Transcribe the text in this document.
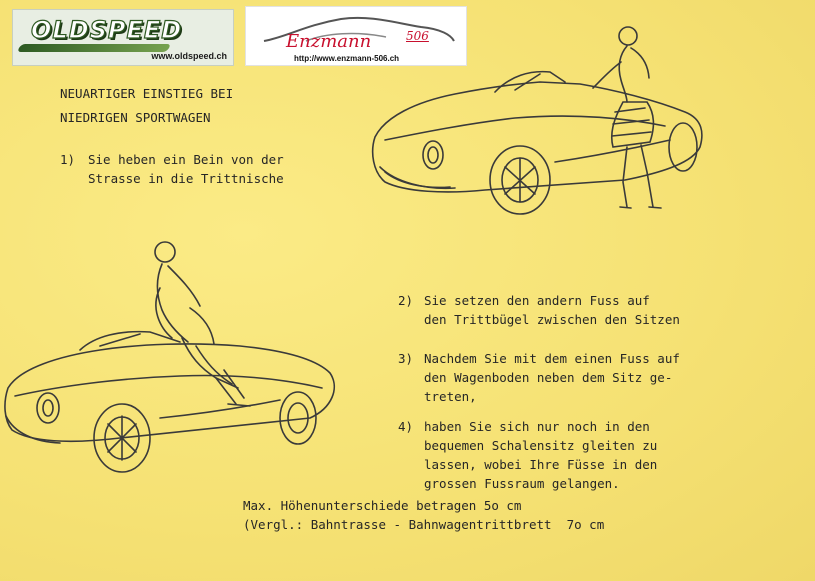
OLDSPEED
www.oldspeed.ch
Enzmann	506
http://www.enzmann-506.ch
NEUARTIGER EINSTIEG BEI
NIEDRIGEN SPORTWAGEN
1) Sie heben ein Bein von der
Strasse in die Trittnische
2) Sie setzen den andern Fuss auf
den Trittbügel zwischen den Sitzen
3) Nachdem Sie mit dem einen Fuss auf
den Wagenboden neben dem Sitz ge-
treten,
4) haben Sie sich nur noch in den
bequemen Schalensitz gleiten zu
lassen, wobei Ihre Füsse in den
grossen Fussraum gelangen.
Max. Höhenunterschiede betragen 5o cm
(Vergl.: Bahntrasse - Bahnwagentrittbrett  7o cm
